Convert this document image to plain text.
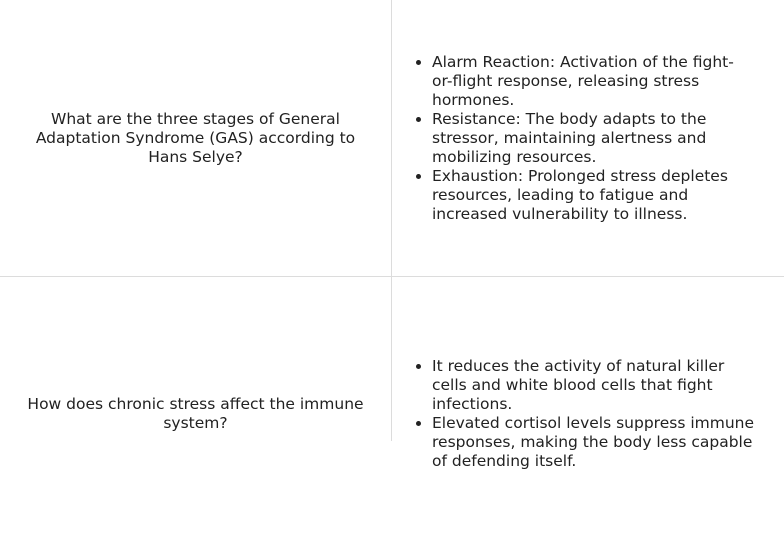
What are the three stages of General Adaptation Syndrome (GAS) according to Hans Selye?
• Alarm Reaction: Activation of the fight-or-flight response, releasing stress hormones.
• Resistance: The body adapts to the stressor, maintaining alertness and mobilizing resources.
• Exhaustion: Prolonged stress depletes resources, leading to fatigue and increased vulnerability to illness.
How does chronic stress affect the immune system?
• It reduces the activity of natural killer cells and white blood cells that fight infections.
• Elevated cortisol levels suppress immune responses, making the body less capable of defending itself.
